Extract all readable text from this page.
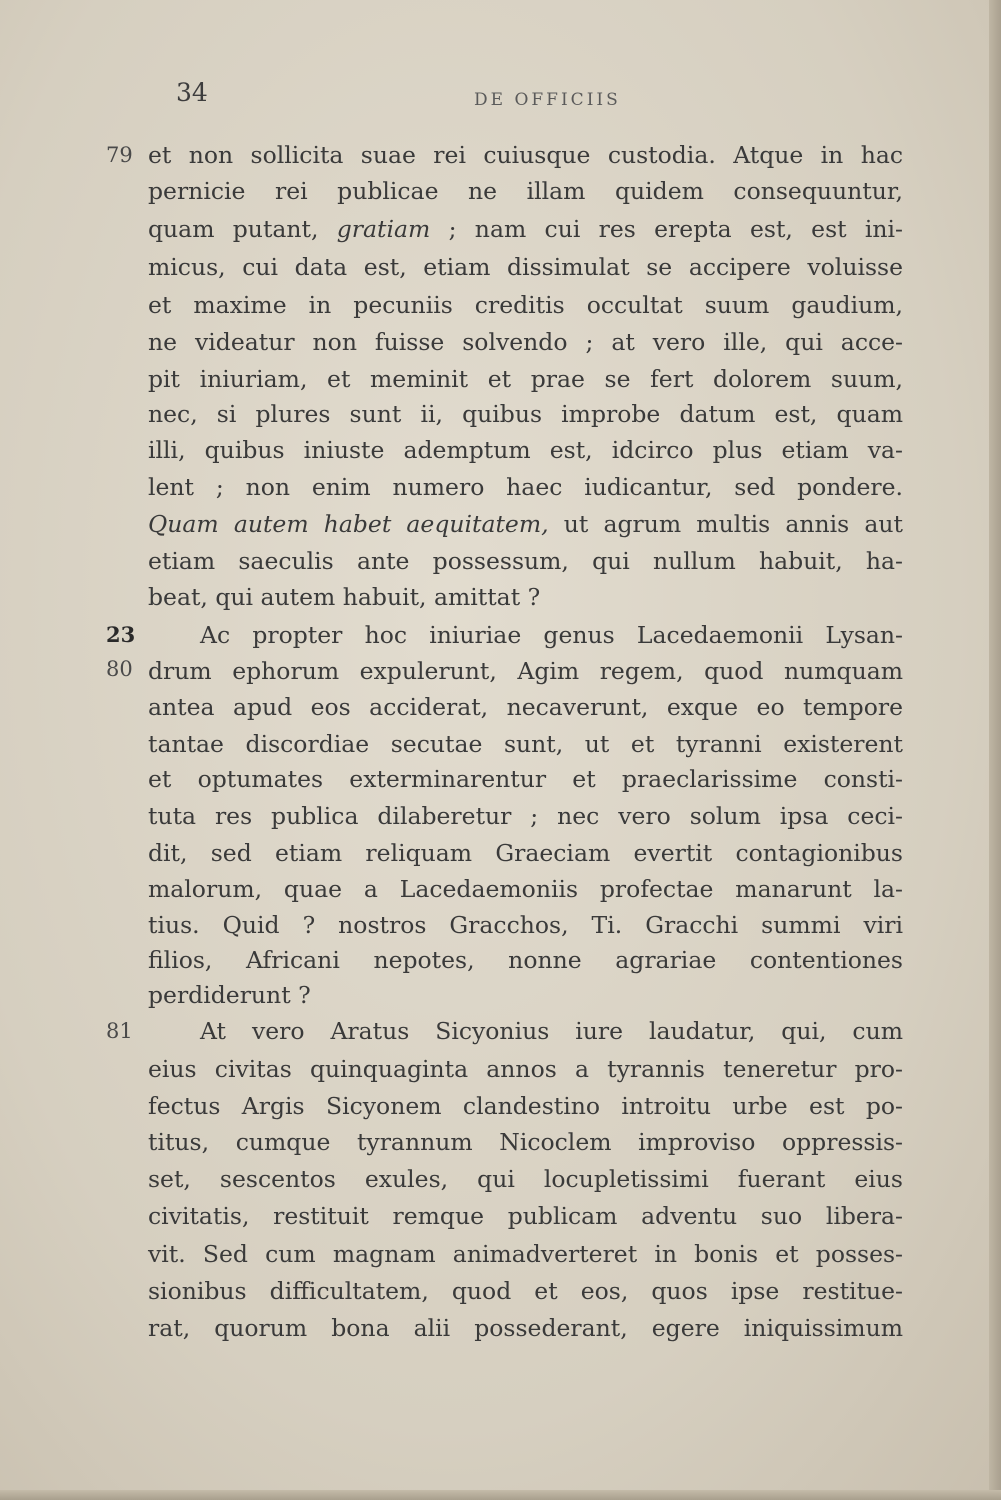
34	DE OFFICIIS
79
23
80
81
et non sollicita suae rei cuiusque custodia. Atque in hac
pernicie rei publicae ne illam quidem consequuntur,
quam putant, gratiam ; nam cui res erepta est, est ini-
micus, cui data est, etiam dissimulat se accipere voluisse
et maxime in pecuniis creditis occultat suum gaudium,
ne videatur non fuisse solvendo ; at vero ille, qui acce-
pit iniuriam, et meminit et prae se fert dolorem suum,
nec, si plures sunt ii, quibus improbe datum est, quam
illi, quibus iniuste ademptum est, idcirco plus etiam va-
lent ; non enim numero haec iudicantur, sed pondere.
Quam autem habet aequitatem, ut agrum multis annis aut
etiam saeculis ante possessum, qui nullum habuit, ha-
beat, qui autem habuit, amittat ?
Ac propter hoc iniuriae genus Lacedaemonii Lysan-
drum ephorum expulerunt, Agim regem, quod numquam
antea apud eos acciderat, necaverunt, exque eo tempore
tantae discordiae secutae sunt, ut et tyranni existerent
et optumates exterminarentur et praeclarissime consti-
tuta res publica dilaberetur ; nec vero solum ipsa ceci-
dit, sed etiam reliquam Graeciam evertit contagionibus
malorum, quae a Lacedaemoniis profectae manarunt la-
tius. Quid ? nostros Gracchos, Ti. Gracchi summi viri
filios, Africani nepotes, nonne agrariae contentiones
perdiderunt ?
At vero Aratus Sicyonius iure laudatur, qui, cum
eius civitas quinquaginta annos a tyrannis teneretur pro-
fectus Argis Sicyonem clandestino introitu urbe est po-
titus, cumque tyrannum Nicoclem improviso oppressis-
set, sescentos exules, qui locupletissimi fuerant eius
civitatis, restituit remque publicam adventu suo libera-
vit. Sed cum magnam animadverteret in bonis et posses-
sionibus difficultatem, quod et eos, quos ipse restitue-
rat, quorum bona alii possederant, egere iniquissimum
